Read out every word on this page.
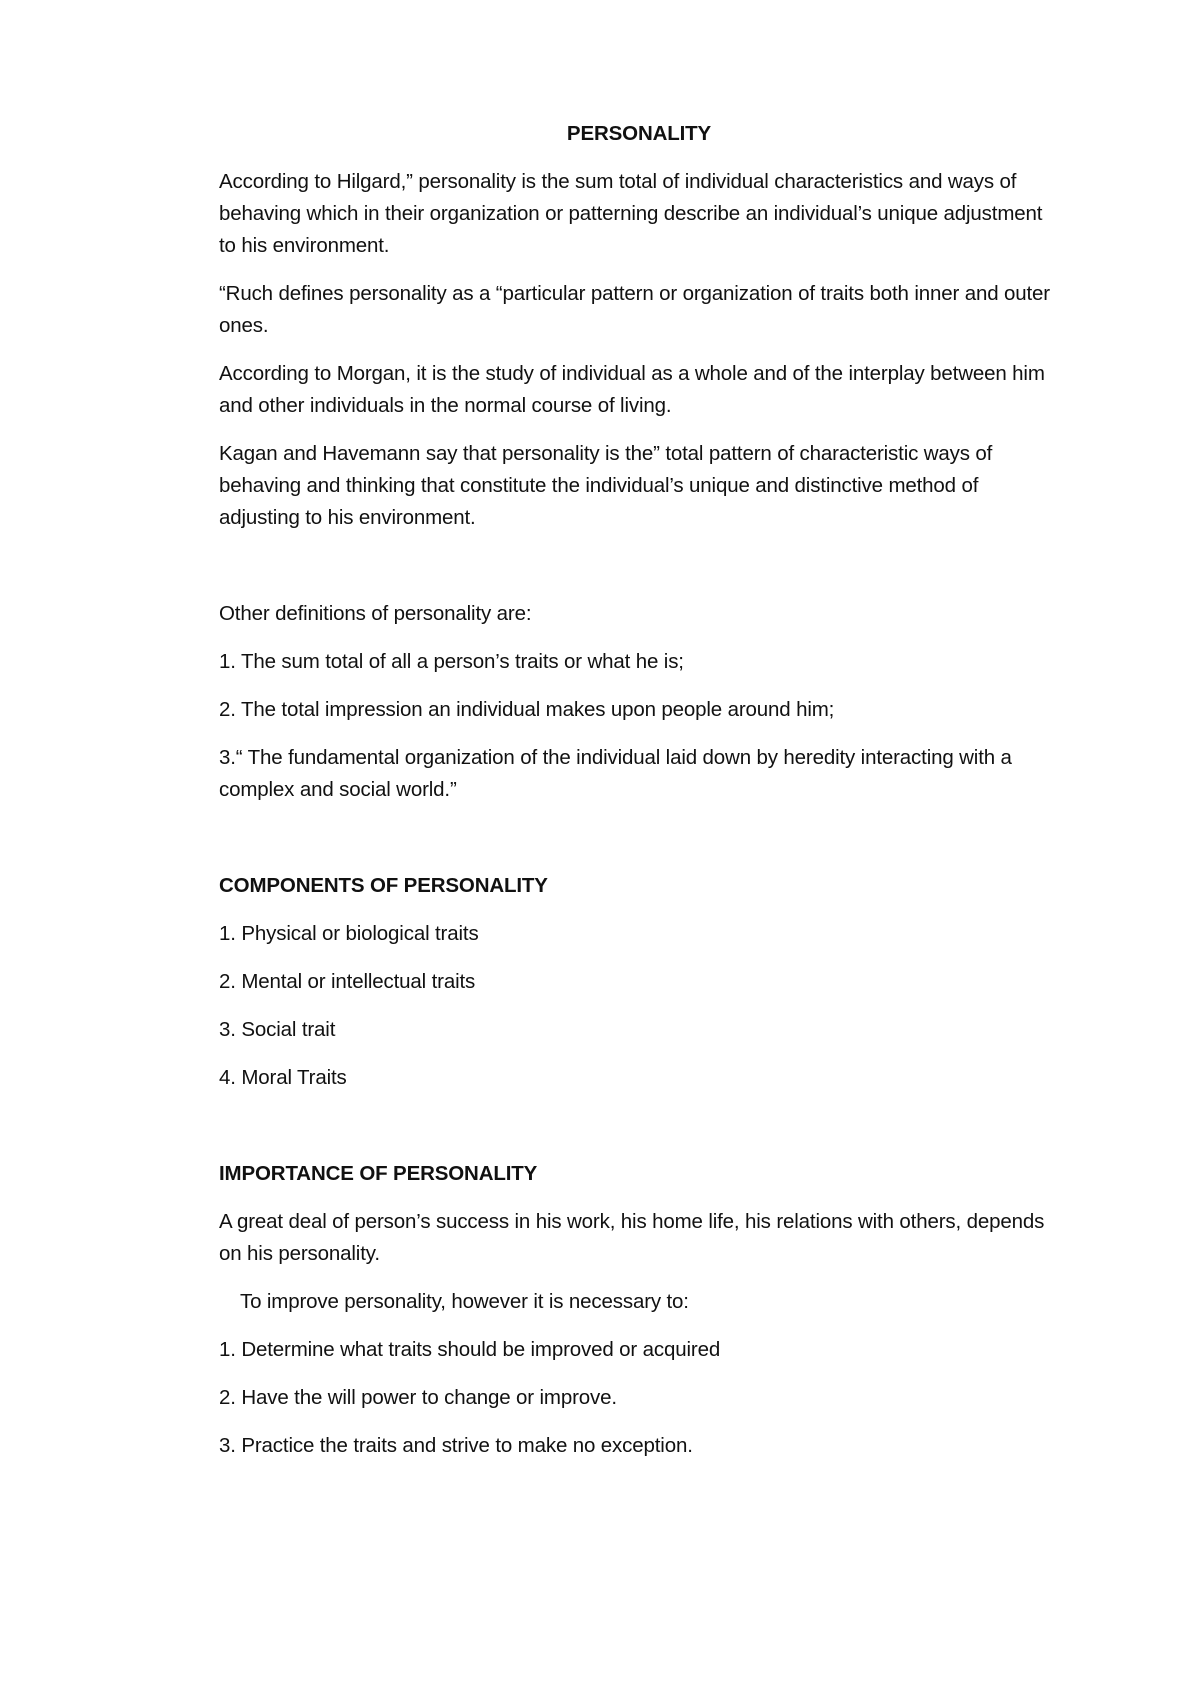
PERSONALITY

According to Hilgard,” personality is the sum total of individual characteristics and ways of behaving which in their organization or patterning describe an individual’s unique adjustment to his environment.

“Ruch defines personality as a “particular pattern or organization of traits both inner and outer ones.

According to Morgan, it is the study of individual as a whole and of the interplay between him and other individuals in the normal course of living.

Kagan and Havemann say that personality is the” total pattern of characteristic ways of behaving and thinking that constitute the individual’s unique and distinctive method of adjusting to his environment.

Other definitions of personality are:

1. The sum total of all a person’s traits or what he is;
2. The total impression an individual makes upon people around him;
3.“ The fundamental organization of the individual laid down by heredity interacting with a complex and social world.”

COMPONENTS OF PERSONALITY

1. Physical or biological traits
2. Mental or intellectual traits
3. Social trait
4. Moral Traits

IMPORTANCE OF PERSONALITY

A great deal of person’s success in his work, his home life, his relations with others, depends on his personality.

To improve personality, however it is necessary to:

1. Determine what traits should be improved or acquired
2. Have the will power to change or improve.
3. Practice the traits and strive to make no exception.
